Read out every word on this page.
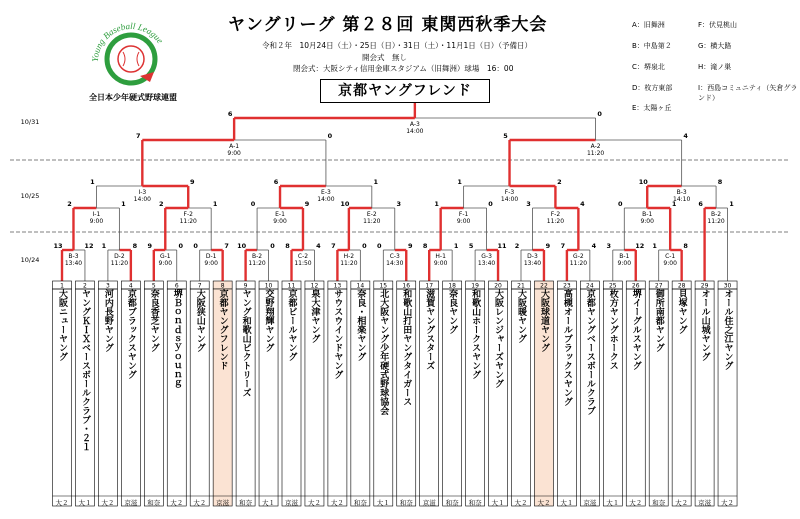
Young Baseball League
全日本少年硬式野球連盟
ヤングリーグ 第２８回 東関西秋季大会
令和２年　10月24日（土）・25日（日）・31日（土）・11月1日（日）（予備日）
開会式　無し
閉会式：大阪シティ信用金庫スタジアム（旧舞洲）球場　16：00
京都ヤングフレンド
A：旧舞洲
B：中島第２
C：堺泉北
D：枚方東部
E：太陽ヶ丘
F：伏見桃山
G：横大路
H：滝ノ巣
I：西島コミュニティ（矢倉グランド）
10/31
10/25
10/24	B-3
13:40
13	12
D-2
11:20
1	8
G-1
9:00
9	0
D-1
9:00
0	7
B-2
11:20
10	0
C-2
11:50
8	4
H-2
11:20
7	0
C-3
14:30
0	9
H-1
9:00
8	1
G-3
13:40
5	11
D-3
13:40
2	9
G-2
11:20
7	4
B-1
9:00
3	12
C-1
9:00
1	8
I-1
9:00
2	1
F-2
11:20
2	1
E-1
9:00
0	9
E-2
11:20
10	3
F-1
9:00
1	0
F-2
11:20
3	4
B-1
9:00
0	1
B-2
11:20
6	1
I-3
14:00
1	9
E-3
14:00
6	1
F-3
14:00
1	2
B-3
14:10
10	8
A-1
9:00
7	0
A-2
11:20
5	4
A-3
14:00
6	0
1	2	3	4	5	6	7	8	9	10	11	12	13	14	15	16	17	18	19	20	21	22	23	24	25	26	27	28	29	30
大阪ニューヤング
大２
ヤングＫＩＸベースボールクラブ・２１
大１
河内長野ヤング
大２
京都ブラックスヤング
京滋
奈良香芝ヤング
和奈
堺Ｂｏｎｄｓｙｏｕｎｇ
大２
大阪狭山ヤング
大２
京都ヤングフレンド
京滋
ヤング和歌山ビクトリーズ
和奈
交野翔輝ヤング
大１
京都ビールヤング
京滋
泉大津ヤング
大２
サウスウインドヤング
大２
奈良・相楽ヤング
和奈
北大阪ヤング少年硬式野球協会
大１
和歌山打田ヤングタイガース
和奈
滋賀ヤングスターズ
京滋
奈良ヤング
和奈
和歌山ホークスヤング
和奈
大阪レンジャーズヤング
大１
大阪暖ヤング
大２
大阪球道ヤング
大２
高槻オールブラックスヤング
大１
京都ヤングベースボールクラブ
京滋
枚方ヤングホークス
大１
堺イーグルスヤング
大２
御所南都ヤング
和奈
貝塚ヤング
大２
オール山城ヤング
京滋
オール住之江ヤング
大２
